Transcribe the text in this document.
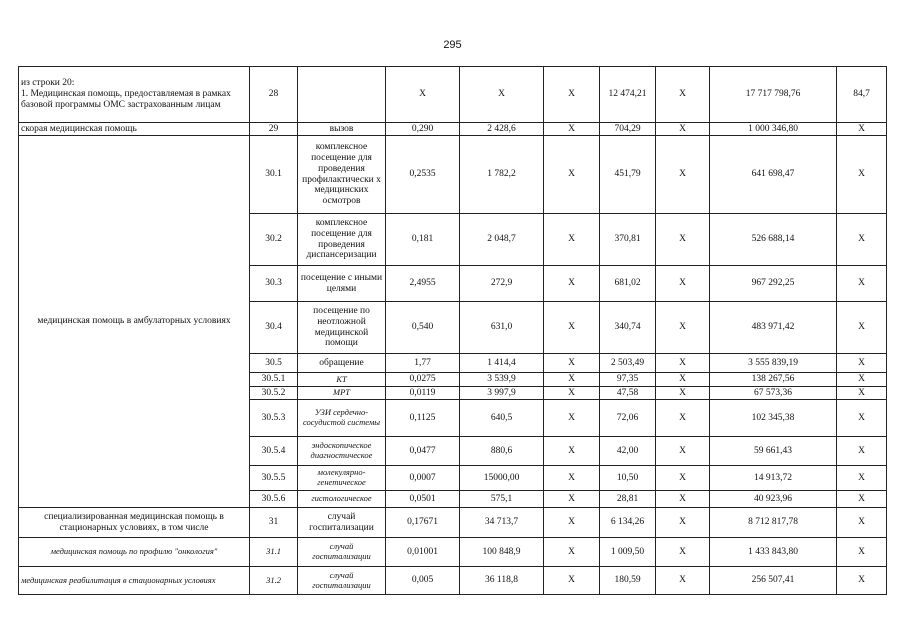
295
из строки 20:
1. Медицинская помощь, предоставляемая в рамках базовой программы ОМС застрахованным лицам	28		X	X	X	12 474,21	X	17 717 798,76	84,7
скорая медицинская помощь	29	вызов	0,290	2 428,6	X	704,29	X	1 000 346,80	X
медицинская помощь в амбулаторных условиях	30.1	комплексное посещение для проведения профилактически х медицинских осмотров	0,2535	1 782,2	X	451,79	X	641 698,47	X
	30.2	комплексное посещение для проведения диспансеризации	0,181	2 048,7	X	370,81	X	526 688,14	X
	30.3	посещение с иными целями	2,4955	272,9	X	681,02	X	967 292,25	X
	30.4	посещение по неотложной медицинской помощи	0,540	631,0	X	340,74	X	483 971,42	X
	30.5	обращение	1,77	1 414,4	X	2 503,49	X	3 555 839,19	X
	30.5.1	КТ	0,0275	3 539,9	X	97,35	X	138 267,56	X
	30.5.2	МРТ	0,0119	3 997,9	X	47,58	X	67 573,36	X
	30.5.3	УЗИ сердечно-сосудистой системы	0,1125	640,5	X	72,06	X	102 345,38	X
	30.5.4	эндоскопическое диагностическое	0,0477	880,6	X	42,00	X	59 661,43	X
	30.5.5	молекулярно-генетическое	0,0007	15000,00	X	10,50	X	14 913,72	X
	30.5.6	гистологическое	0,0501	575,1	X	28,81	X	40 923,96	X
специализированная медицинская помощь в стационарных условиях, в том числе	31	случай госпитализации	0,17671	34 713,7	X	6 134,26	X	8 712 817,78	X
медицинская помощь по профилю "онкология"	31.1	случай госпитализации	0,01001	100 848,9	X	1 009,50	X	1 433 843,80	X
медицинская реабилитация в стационарных условиях	31.2	случай госпитализации	0,005	36 118,8	X	180,59	X	256 507,41	X
